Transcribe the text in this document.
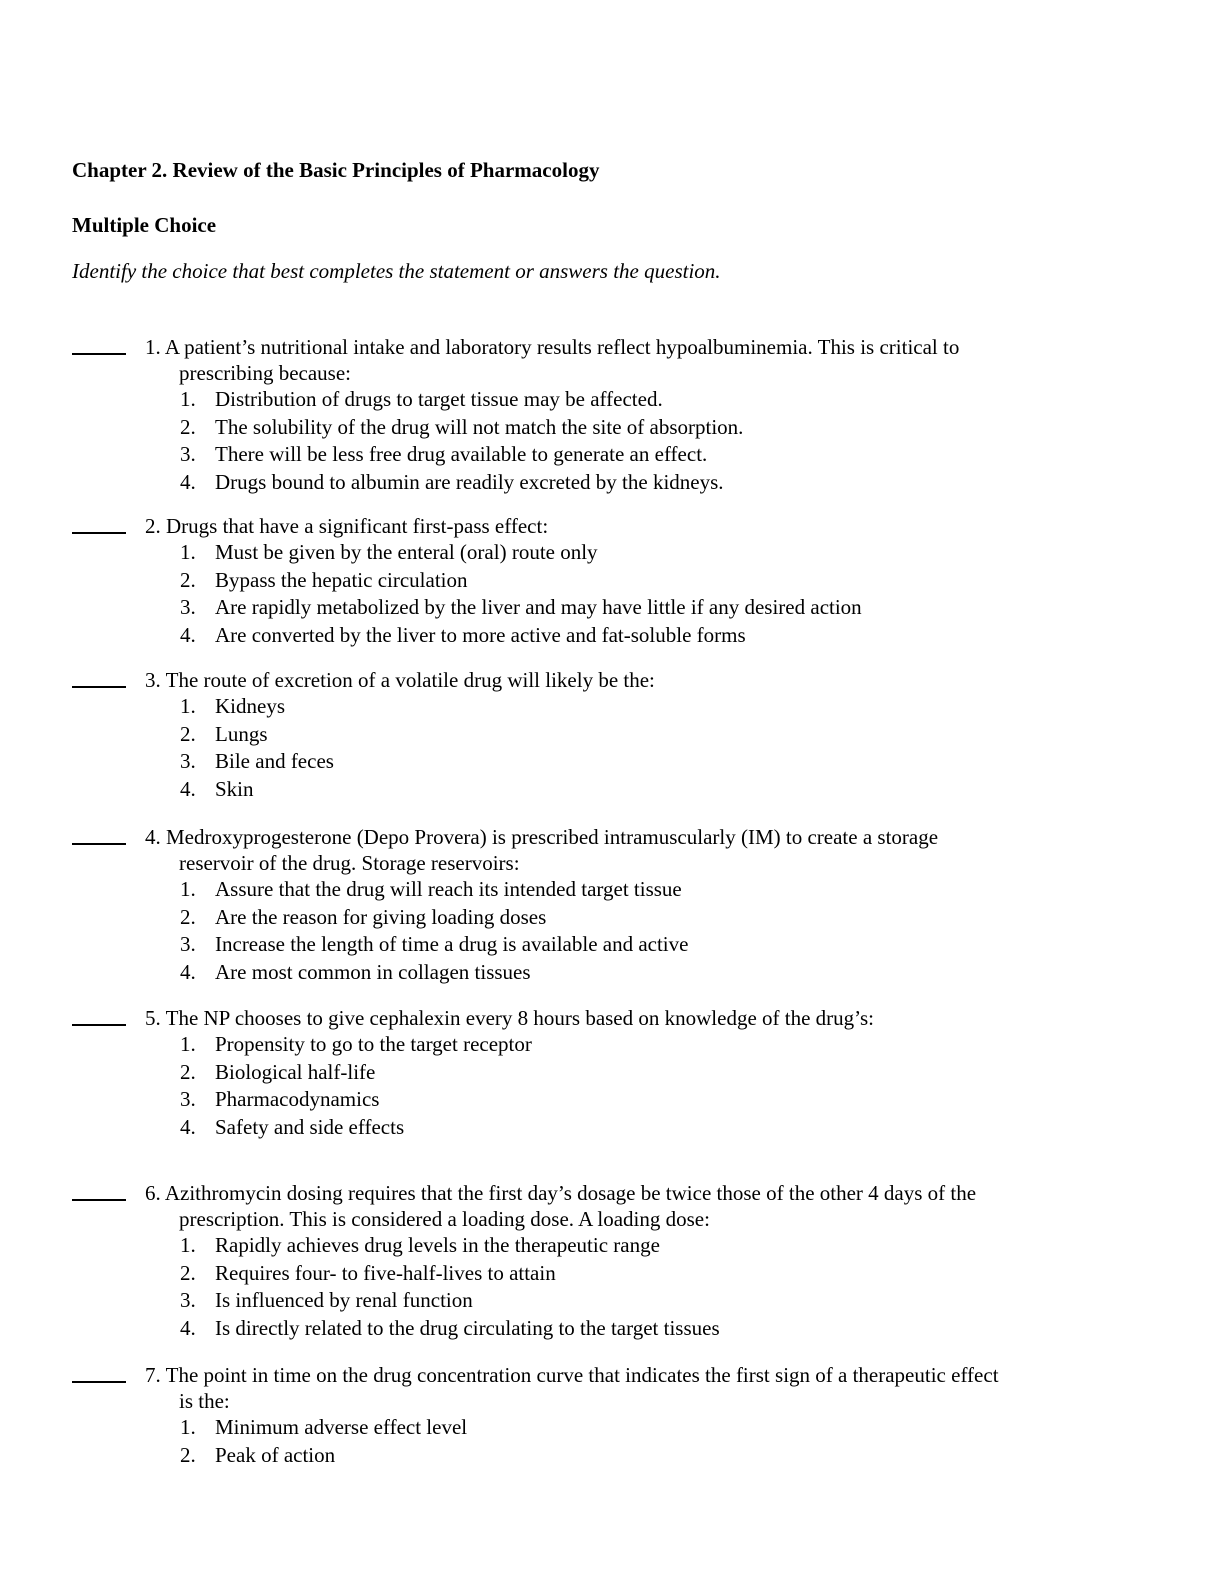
Chapter 2. Review of the Basic Principles of Pharmacology
Multiple Choice
Identify the choice that best completes the statement or answers the question.
1. A patient’s nutritional intake and laboratory results reflect hypoalbuminemia. This is critical to
prescribing because:
1. Distribution of drugs to target tissue may be affected.
2. The solubility of the drug will not match the site of absorption.
3. There will be less free drug available to generate an effect.
4. Drugs bound to albumin are readily excreted by the kidneys.
2. Drugs that have a significant first-pass effect:
1. Must be given by the enteral (oral) route only
2. Bypass the hepatic circulation
3. Are rapidly metabolized by the liver and may have little if any desired action
4. Are converted by the liver to more active and fat-soluble forms
3. The route of excretion of a volatile drug will likely be the:
1. Kidneys
2. Lungs
3. Bile and feces
4. Skin
4. Medroxyprogesterone (Depo Provera) is prescribed intramuscularly (IM) to create a storage
reservoir of the drug. Storage reservoirs:
1. Assure that the drug will reach its intended target tissue
2. Are the reason for giving loading doses
3. Increase the length of time a drug is available and active
4. Are most common in collagen tissues
5. The NP chooses to give cephalexin every 8 hours based on knowledge of the drug’s:
1. Propensity to go to the target receptor
2. Biological half-life
3. Pharmacodynamics
4. Safety and side effects
6. Azithromycin dosing requires that the first day’s dosage be twice those of the other 4 days of the
prescription. This is considered a loading dose. A loading dose:
1. Rapidly achieves drug levels in the therapeutic range
2. Requires four- to five-half-lives to attain
3. Is influenced by renal function
4. Is directly related to the drug circulating to the target tissues
7. The point in time on the drug concentration curve that indicates the first sign of a therapeutic effect
is the:
1. Minimum adverse effect level
2. Peak of action
